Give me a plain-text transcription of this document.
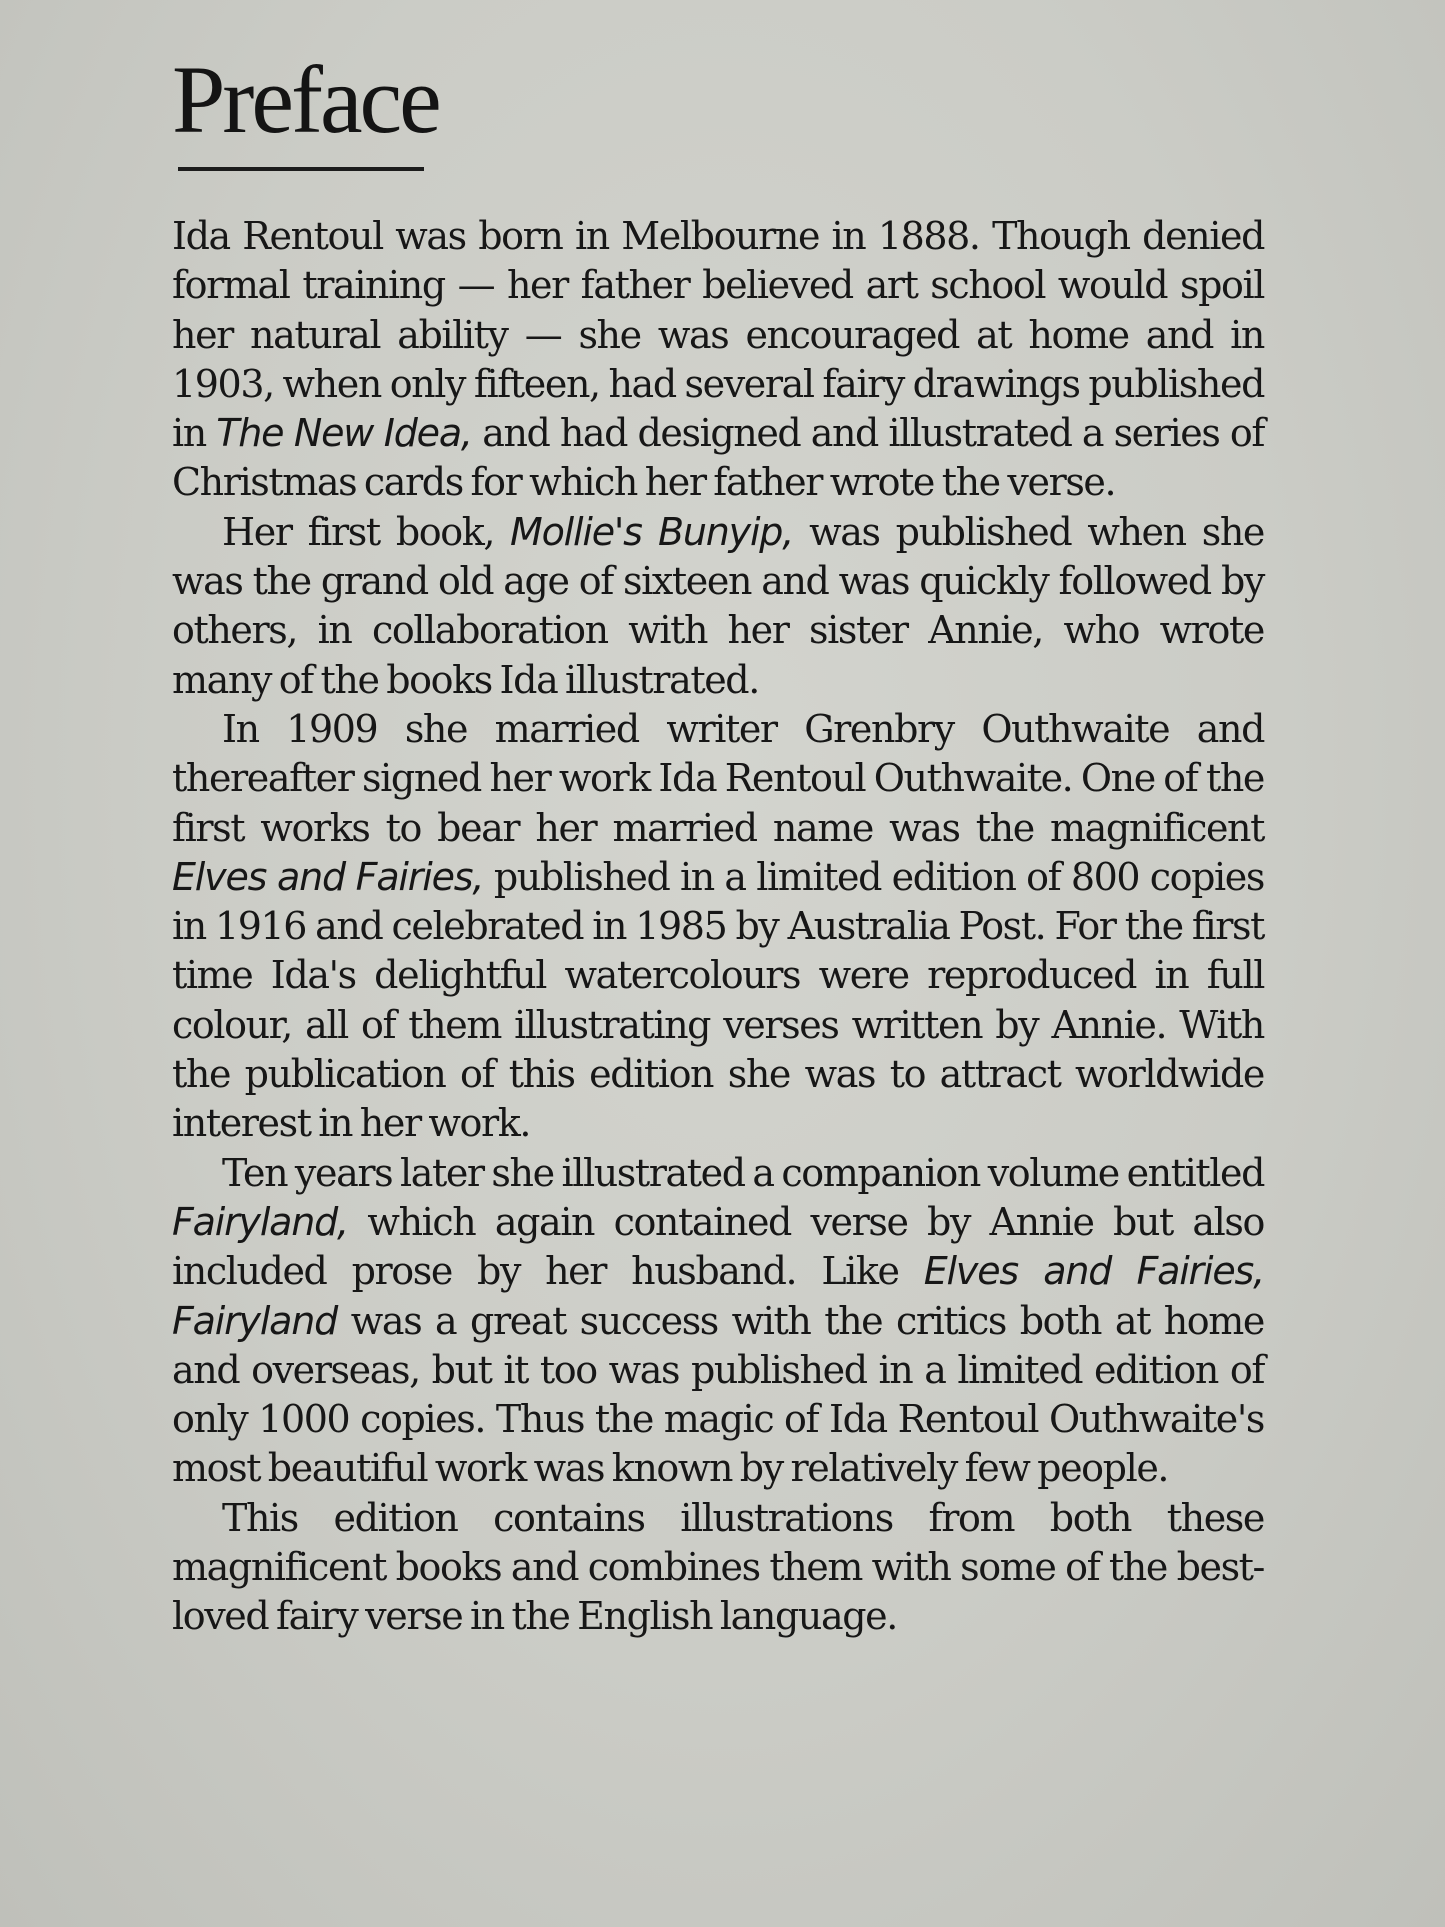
Preface

Ida Rentoul was born in Melbourne in 1888. Though denied formal training — her father believed art school would spoil her natural ability — she was encouraged at home and in 1903, when only fifteen, had several fairy drawings published in The New Idea, and had designed and illustrated a series of Christmas cards for which her father wrote the verse.

Her first book, Mollie's Bunyip, was published when she was the grand old age of sixteen and was quickly followed by others, in collaboration with her sister Annie, who wrote many of the books Ida illustrated.

In 1909 she married writer Grenbry Outhwaite and thereafter signed her work Ida Rentoul Outhwaite. One of the first works to bear her married name was the magnificent Elves and Fairies, published in a limited edition of 800 copies in 1916 and celebrated in 1985 by Australia Post. For the first time Ida's delightful watercolours were reproduced in full colour, all of them illustrating verses written by Annie. With the publication of this edition she was to attract worldwide interest in her work.

Ten years later she illustrated a companion volume entitled Fairyland, which again contained verse by Annie but also included prose by her husband. Like Elves and Fairies, Fairyland was a great success with the critics both at home and overseas, but it too was published in a limited edition of only 1000 copies. Thus the magic of Ida Rentoul Outhwaite's most beautiful work was known by relatively few people.

This edition contains illustrations from both these magnificent books and combines them with some of the best-loved fairy verse in the English language.
